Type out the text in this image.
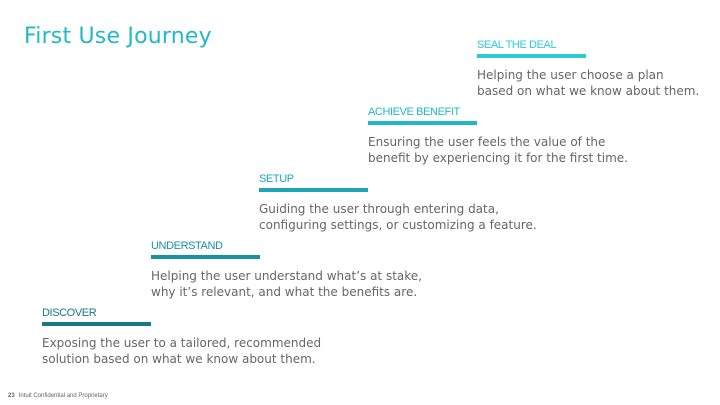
First Use Journey
DISCOVER
Exposing the user to a tailored, recommended
solution based on what we know about them.
UNDERSTAND
Helping the user understand what’s at stake,
why it’s relevant, and what the benefits are.
SETUP
Guiding the user through entering data,
configuring settings, or customizing a feature.
ACHIEVE BENEFIT
Ensuring the user feels the value of the
benefit by experiencing it for the first time.
SEAL THE DEAL
Helping the user choose a plan
based on what we know about them.
23 Intuit Confidential and Proprietary
